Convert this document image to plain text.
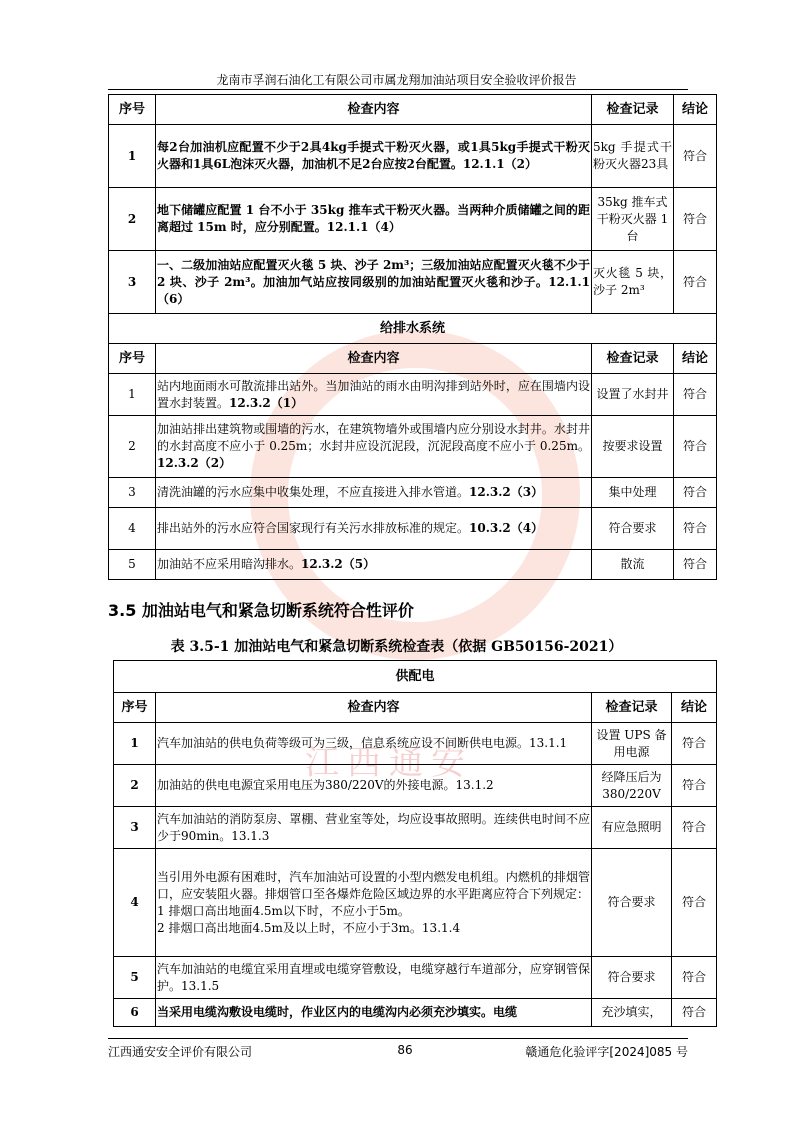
江西通安
龙南市孚润石油化工有限公司市属龙翔加油站项目安全验收评价报告
序号	检查内容	检查记录	结论
1	每2台加油机应配置不少于2具4kg手提式干粉灭火器，或1具5kg手提式干粉灭火器和1具6L泡沫灭火器，加油机不足2台应按2台配置。12.1.1（2）	5kg 手提式干粉灭火器23具	符合
2	地下储罐应配置 1 台不小于 35kg 推车式干粉灭火器。当两种介质储罐之间的距离超过 15m 时，应分别配置。12.1.1（4）	35kg 推车式干粉灭火器 1 台	符合
3	一、二级加油站应配置灭火毯 5 块、沙子 2m³；三级加油站应配置灭火毯不少于 2 块、沙子 2m³。加油加气站应按同级别的加油站配置灭火毯和沙子。12.1.1（6）	灭火毯 5 块，沙子 2m³	符合
给排水系统			
序号	检查内容	检查记录	结论
1	站内地面雨水可散流排出站外。当加油站的雨水由明沟排到站外时，应在围墙内设置水封装置。12.3.2（1）	设置了水封井	符合
2	加油站排出建筑物或围墙的污水，在建筑物墙外或围墙内应分别设水封井。水封井的水封高度不应小于 0.25m；水封井应设沉泥段，沉泥段高度不应小于 0.25m。12.3.2（2）	按要求设置	符合
3	清洗油罐的污水应集中收集处理，不应直接进入排水管道。12.3.2（3）	集中处理	符合
4	排出站外的污水应符合国家现行有关污水排放标准的规定。10.3.2（4）	符合要求	符合
5	加油站不应采用暗沟排水。12.3.2（5）	散流	符合
3.5 加油站电气和紧急切断系统符合性评价
表 3.5-1 加油站电气和紧急切断系统检查表（依据 GB50156-2021）
供配电			
序号	检查内容	检查记录	结论
1	汽车加油站的供电负荷等级可为三级，信息系统应设不间断供电电源。13.1.1	设置 UPS 备用电源	符合
2	加油站的供电电源宜采用电压为380/220V的外接电源。13.1.2	经降压后为 380/220V	符合
3	汽车加油站的消防泵房、罩棚、营业室等处，均应设事故照明。连续供电时间不应少于90min。13.1.3	有应急照明	符合
4	当引用外电源有困难时，汽车加油站可设置的小型内燃发电机组。内燃机的排烟管口，应安装阻火器。排烟管口至各爆炸危险区域边界的水平距离应符合下列规定：
1 排烟口高出地面4.5m以下时，不应小于5m。
2 排烟口高出地面4.5m及以上时，不应小于3m。13.1.4	符合要求	符合
5	汽车加油站的电缆宜采用直埋或电缆穿管敷设，电缆穿越行车道部分，应穿钢管保护。13.1.5	符合要求	符合
6	当采用电缆沟敷设电缆时，作业区内的电缆沟内必须充沙填实。电缆	充沙填实，	符合
江西通安安全评价有限公司	86	赣通危化验评字[2024]085 号
